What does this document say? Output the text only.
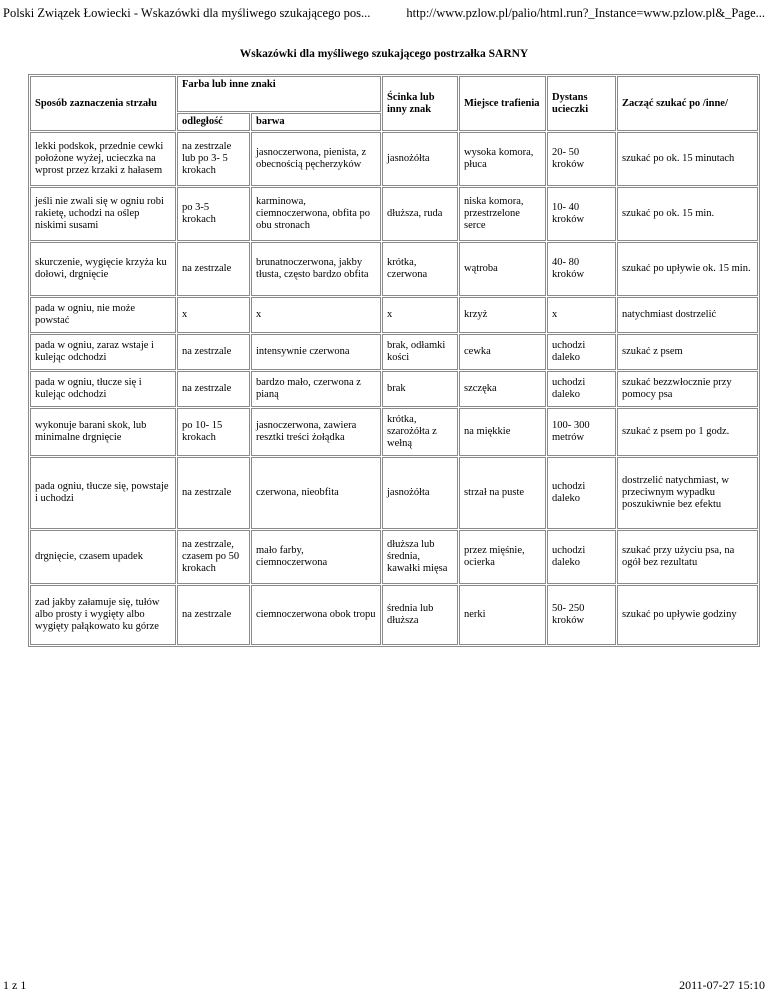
Polski Związek Łowiecki - Wskazówki dla myśliwego szukającego pos...	http://www.pzlow.pl/palio/html.run?_Instance=www.pzlow.pl&_Page...
Wskazówki dla myśliwego szukającego postrzałka SARNY
Sposób zaznaczenia strzału	Farba lub inne znaki		Ścinka lub inny znak	Miejsce trafienia	Dystans ucieczki	Zacząć szukać po /inne/
	odległość	barwa				
lekki podskok, przednie cewki położone wyżej, ucieczka na wprost przez krzaki z hałasem	na zestrzale lub po 3- 5 krokach	jasnoczerwona, pienista, z obecnością pęcherzyków	jasnożółta	wysoka komora, płuca	20- 50 kroków	szukać po ok. 15 minutach
jeśli nie zwali się w ogniu robi rakietę, uchodzi na oślep niskimi susami	po 3-5 krokach	karminowa, ciemnoczerwona, obfita po obu stronach	dłuższa, ruda	niska komora, przestrzelone serce	10- 40 kroków	szukać po ok. 15 min.
skurczenie, wygięcie krzyża ku dołowi, drgnięcie	na zestrzale	brunatnoczerwona, jakby tłusta, często bardzo obfita	krótka, czerwona	wątroba	40- 80 kroków	szukać po upływie ok. 15 min.
pada w ogniu, nie może powstać	x	x	x	krzyż	x	natychmiast dostrzelić
pada w ogniu, zaraz wstaje i kulejąc odchodzi	na zestrzale	intensywnie czerwona	brak, odłamki kości	cewka	uchodzi daleko	szukać z psem
pada w ogniu, tłucze się i kulejąc odchodzi	na zestrzale	bardzo mało, czerwona z pianą	brak	szczęka	uchodzi daleko	szukać bezzwłocznie przy pomocy psa
wykonuje barani skok, lub minimalne drgnięcie	po 10- 15 krokach	jasnoczerwona, zawiera resztki treści żołądka	krótka, szarożółta z wełną	na miękkie	100- 300 metrów	szukać z psem po 1 godz.
pada ogniu, tłucze się, powstaje i uchodzi	na zestrzale	czerwona, nieobfita	jasnożółta	strzał na puste	uchodzi daleko	dostrzelić natychmiast, w przeciwnym wypadku poszukiwnie bez efektu
drgnięcie, czasem upadek	na zestrzale, czasem po 50 krokach	mało farby, ciemnoczerwona	dłuższa lub średnia, kawałki mięsa	przez mięśnie, ocierka	uchodzi daleko	szukać przy użyciu psa, na ogół bez rezultatu
zad jakby załamuje się, tułów albo prosty i wygięty albo wygięty pałąkowato ku górze	na zestrzale	ciemnoczerwona obok tropu	średnia lub dłuższa	nerki	50- 250 kroków	szukać po upływie godziny
1 z 1	2011-07-27 15:10
